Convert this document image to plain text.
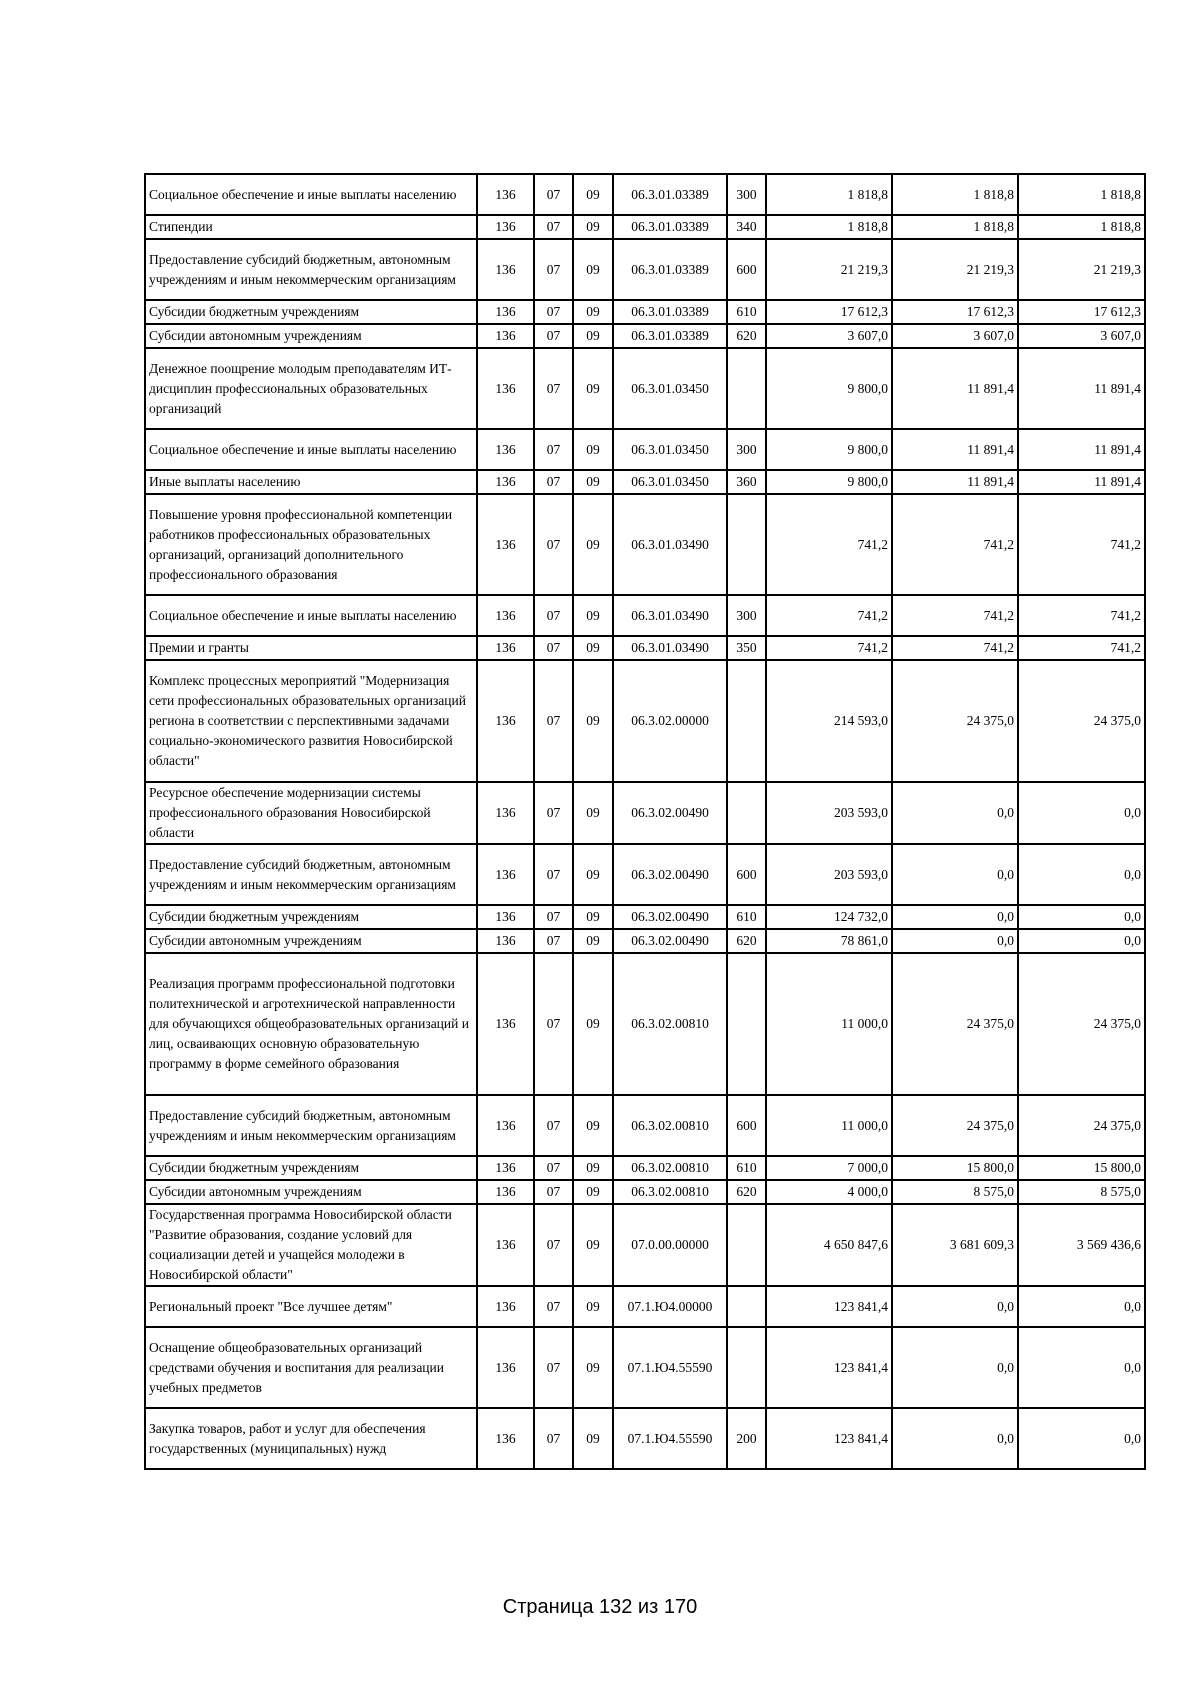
Социальное обеспечение и иные выплаты населению	136	07	09	06.3.01.03389	300	1 818,8	1 818,8	1 818,8
Стипендии	136	07	09	06.3.01.03389	340	1 818,8	1 818,8	1 818,8
Предоставление субсидий бюджетным, автономным учреждениям и иным некоммерческим организациям	136	07	09	06.3.01.03389	600	21 219,3	21 219,3	21 219,3
Субсидии бюджетным учреждениям	136	07	09	06.3.01.03389	610	17 612,3	17 612,3	17 612,3
Субсидии автономным учреждениям	136	07	09	06.3.01.03389	620	3 607,0	3 607,0	3 607,0
Денежное поощрение молодым преподавателям ИТ-дисциплин профессиональных образовательных организаций	136	07	09	06.3.01.03450		9 800,0	11 891,4	11 891,4
Социальное обеспечение и иные выплаты населению	136	07	09	06.3.01.03450	300	9 800,0	11 891,4	11 891,4
Иные выплаты населению	136	07	09	06.3.01.03450	360	9 800,0	11 891,4	11 891,4
Повышение уровня профессиональной компетенции работников профессиональных образовательных организаций, организаций дополнительного профессионального образования	136	07	09	06.3.01.03490		741,2	741,2	741,2
Социальное обеспечение и иные выплаты населению	136	07	09	06.3.01.03490	300	741,2	741,2	741,2
Премии и гранты	136	07	09	06.3.01.03490	350	741,2	741,2	741,2
Комплекс процессных мероприятий "Модернизация сети профессиональных образовательных организаций региона в соответствии с перспективными задачами социально-экономического развития Новосибирской области"	136	07	09	06.3.02.00000		214 593,0	24 375,0	24 375,0
Ресурсное обеспечение модернизации системы профессионального образования Новосибирской области	136	07	09	06.3.02.00490		203 593,0	0,0	0,0
Предоставление субсидий бюджетным, автономным учреждениям и иным некоммерческим организациям	136	07	09	06.3.02.00490	600	203 593,0	0,0	0,0
Субсидии бюджетным учреждениям	136	07	09	06.3.02.00490	610	124 732,0	0,0	0,0
Субсидии автономным учреждениям	136	07	09	06.3.02.00490	620	78 861,0	0,0	0,0
Реализация программ профессиональной подготовки политехнической и агротехнической направленности для обучающихся общеобразовательных организаций и лиц, осваивающих основную образовательную программу в форме семейного образования	136	07	09	06.3.02.00810		11 000,0	24 375,0	24 375,0
Предоставление субсидий бюджетным, автономным учреждениям и иным некоммерческим организациям	136	07	09	06.3.02.00810	600	11 000,0	24 375,0	24 375,0
Субсидии бюджетным учреждениям	136	07	09	06.3.02.00810	610	7 000,0	15 800,0	15 800,0
Субсидии автономным учреждениям	136	07	09	06.3.02.00810	620	4 000,0	8 575,0	8 575,0
Государственная программа Новосибирской области "Развитие образования, создание условий для социализации детей и учащейся молодежи в Новосибирской области"	136	07	09	07.0.00.00000		4 650 847,6	3 681 609,3	3 569 436,6
Региональный проект "Все лучшее детям"	136	07	09	07.1.Ю4.00000		123 841,4	0,0	0,0
Оснащение общеобразовательных организаций средствами обучения и воспитания для реализации учебных предметов	136	07	09	07.1.Ю4.55590		123 841,4	0,0	0,0
Закупка товаров, работ и услуг для обеспечения государственных (муниципальных) нужд	136	07	09	07.1.Ю4.55590	200	123 841,4	0,0	0,0
Страница 132 из 170
